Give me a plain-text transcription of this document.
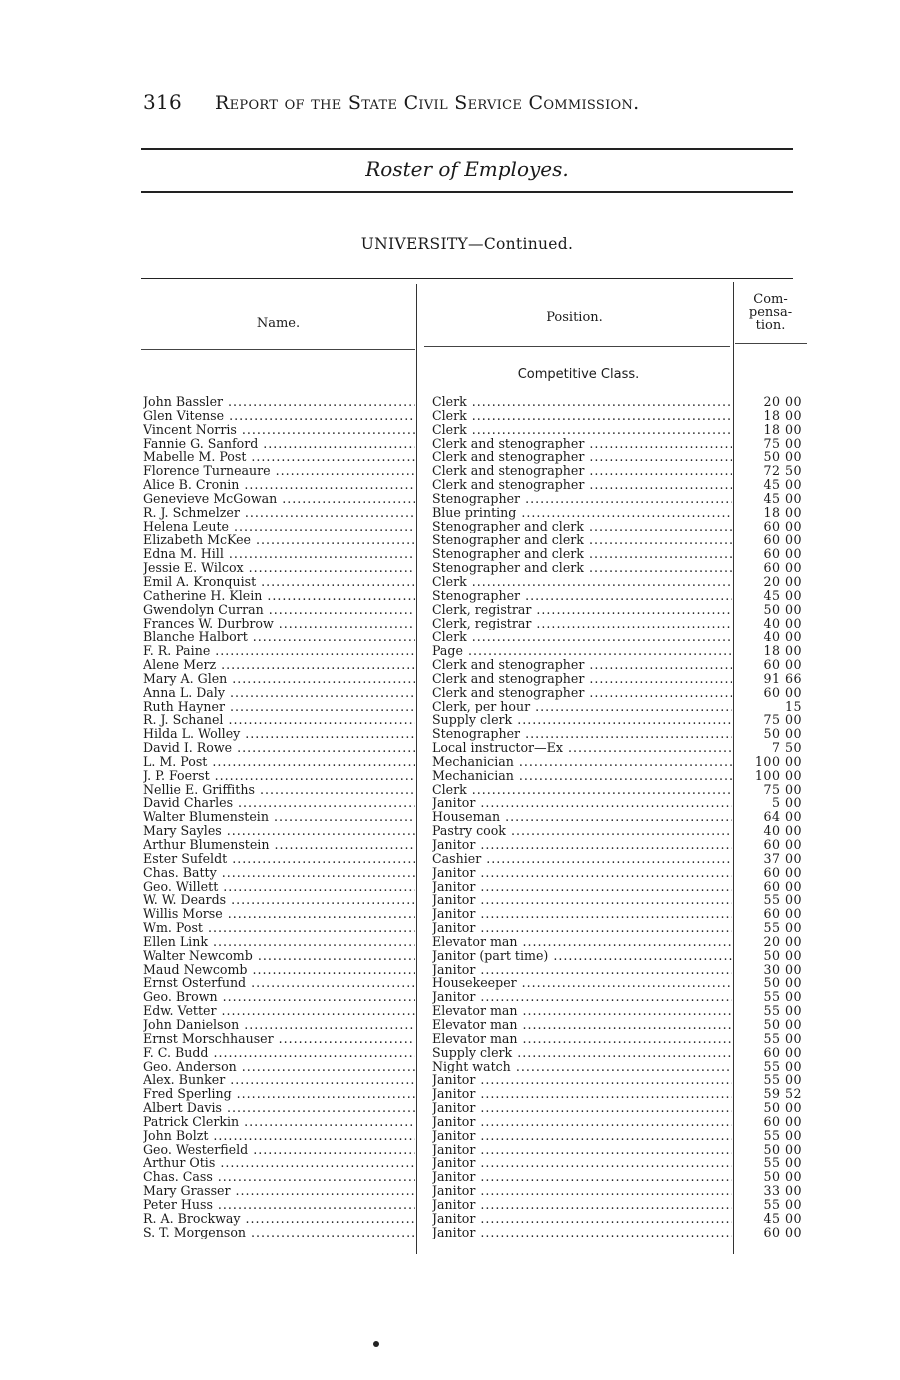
316 Report of the State Civil Service Commission.
Roster of Employes.
UNIVERSITY—Continued.
Name.	Position.
Com-
pensa-
tion.
Competitive Class.
John Bassler .....	Clerk .....	20 00
Glen Vitense .....	Clerk .....	18 00
Vincent Norris .....	Clerk .....	18 00
Fannie G. Sanford .....	Clerk and stenographer .....	75 00
Mabelle M. Post .....	Clerk and stenographer .....	50 00
Florence Turneaure .....	Clerk and stenographer .....	72 50
Alice B. Cronin .....	Clerk and stenographer .....	45 00
Genevieve McGowan .....	Stenographer .....	45 00
R. J. Schmelzer .....	Blue printing .....	18 00
Helena Leute .....	Stenographer and clerk .....	60 00
Elizabeth McKee .....	Stenographer and clerk .....	60 00
Edna M. Hill .....	Stenographer and clerk .....	60 00
Jessie E. Wilcox .....	Stenographer and clerk .....	60 00
Emil A. Kronquist .....	Clerk .....	20 00
Catherine H. Klein .....	Stenographer .....	45 00
Gwendolyn Curran .....	Clerk, registrar .....	50 00
Frances W. Durbrow .....	Clerk, registrar .....	40 00
Blanche Halbort .....	Clerk .....	40 00
F. R. Paine .....	Page .....	18 00
Alene Merz .....	Clerk and stenographer .....	60 00
Mary A. Glen .....	Clerk and stenographer .....	91 66
Anna L. Daly .....	Clerk and stenographer .....	60 00
Ruth Hayner .....	Clerk, per hour .....	15
R. J. Schanel .....	Supply clerk .....	75 00
Hilda L. Wolley .....	Stenographer .....	50 00
David I. Rowe .....	Local instructor—Ex .....	7 50
L. M. Post .....	Mechanician .....	100 00
J. P. Foerst .....	Mechanician .....	100 00
Nellie E. Griffiths .....	Clerk .....	75 00
David Charles .....	Janitor .....	5 00
Walter Blumenstein .....	Houseman .....	64 00
Mary Sayles .....	Pastry cook .....	40 00
Arthur Blumenstein .....	Janitor .....	60 00
Ester Sufeldt .....	Cashier .....	37 00
Chas. Batty .....	Janitor .....	60 00
Geo. Willett .....	Janitor .....	60 00
W. W. Deards .....	Janitor .....	55 00
Willis Morse .....	Janitor .....	60 00
Wm. Post .....	Janitor .....	55 00
Ellen Link .....	Elevator man .....	20 00
Walter Newcomb .....	Janitor (part time) .....	50 00
Maud Newcomb .....	Janitor .....	30 00
Ernst Osterfund .....	Housekeeper .....	50 00
Geo. Brown .....	Janitor .....	55 00
Edw. Vetter .....	Elevator man .....	55 00
John Danielson .....	Elevator man .....	50 00
Ernst Morschhauser .....	Elevator man .....	55 00
F. C. Budd .....	Supply clerk .....	60 00
Geo. Anderson .....	Night watch .....	55 00
Alex. Bunker .....	Janitor .....	55 00
Fred Sperling .....	Janitor .....	59 52
Albert Davis .....	Janitor .....	50 00
Patrick Clerkin .....	Janitor .....	60 00
John Bolzt .....	Janitor .....	55 00
Geo. Westerfield .....	Janitor .....	50 00
Arthur Otis .....	Janitor .....	55 00
Chas. Cass .....	Janitor .....	50 00
Mary Grasser .....	Janitor .....	33 00
Peter Huss .....	Janitor .....	55 00
R. A. Brockway .....	Janitor .....	45 00
S. T. Morgenson .....	Janitor .....	60 00
